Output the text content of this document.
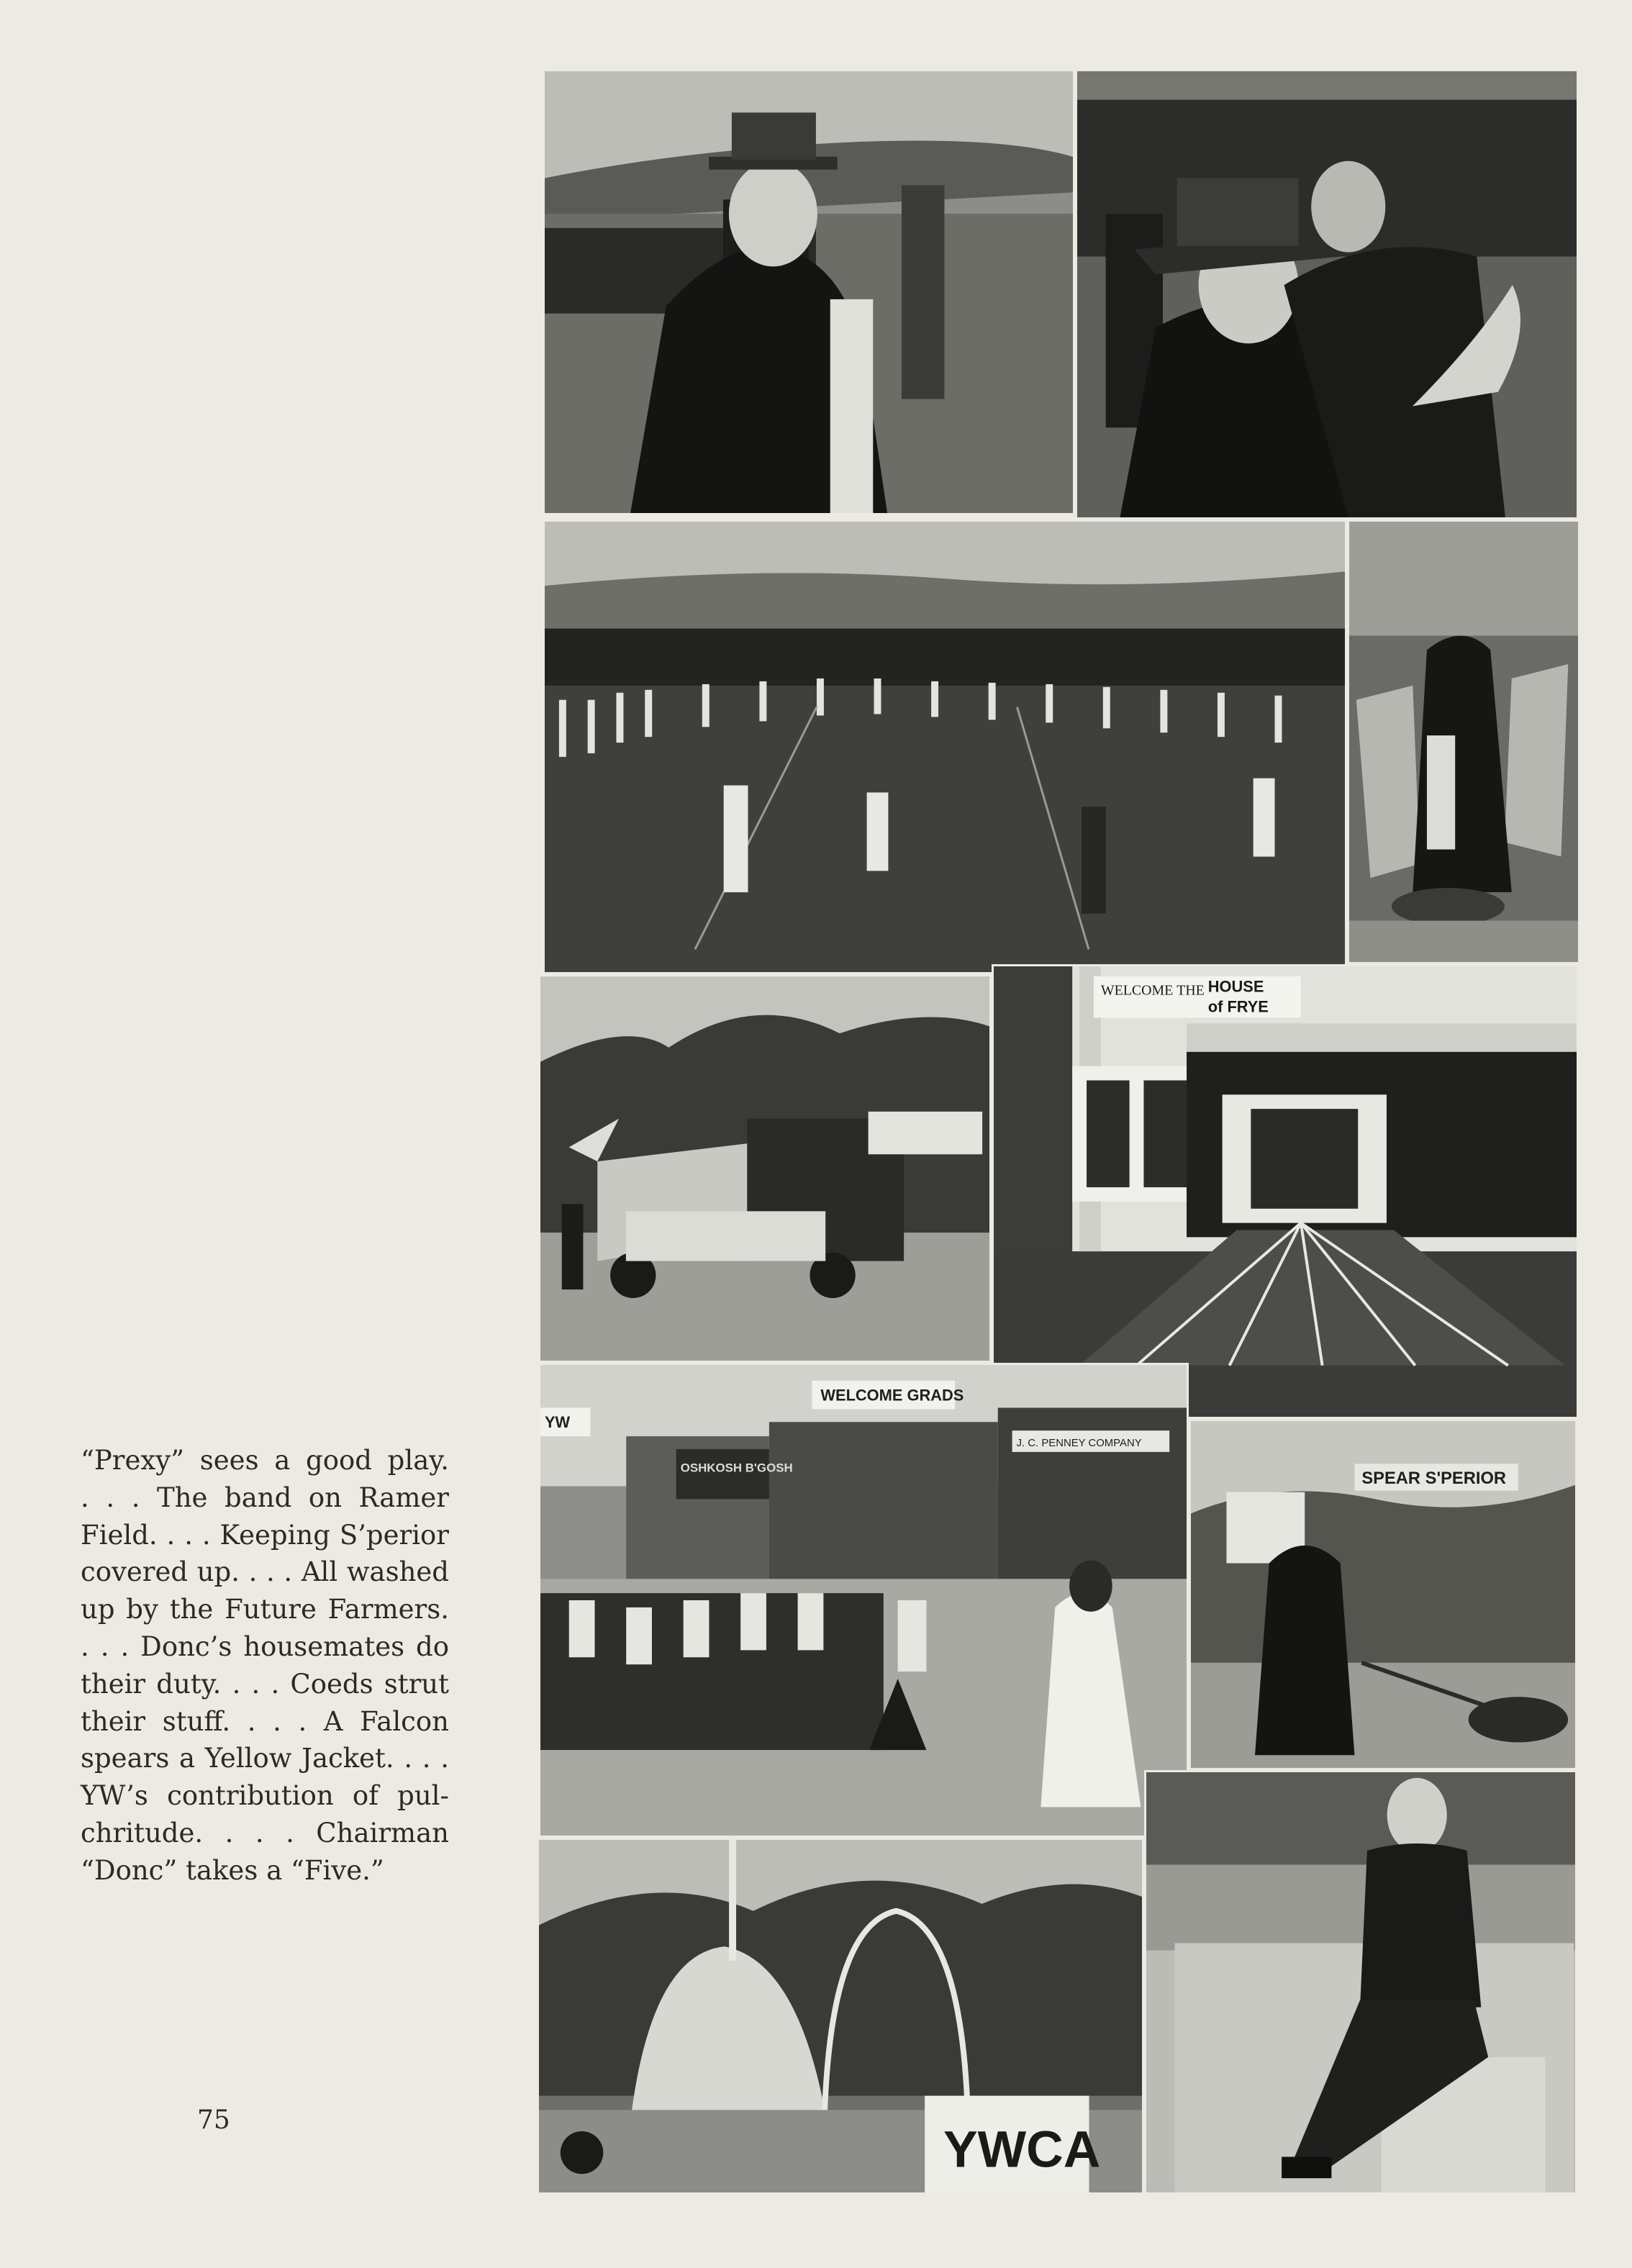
WELCOME THE HOUSE
of FRYE
WELCOME GRADS
YW
J. C. PENNEY COMPANY
OSHKOSH B'GOSH
SPEAR S'PERIOR
YWCA
“Prexy” sees a good play.
. . . The band on Ramer
Field. . . . Keeping S’perior
covered up. . . . All washed
up by the Future Farmers.
. . . Donc’s housemates do
their duty. . . . Coeds strut
their stuff. . . . A Falcon
spears a Yellow Jacket. . . .
YW’s contribution of pul-
chritude. . . . Chairman
“Donc” takes a “Five.”
75
